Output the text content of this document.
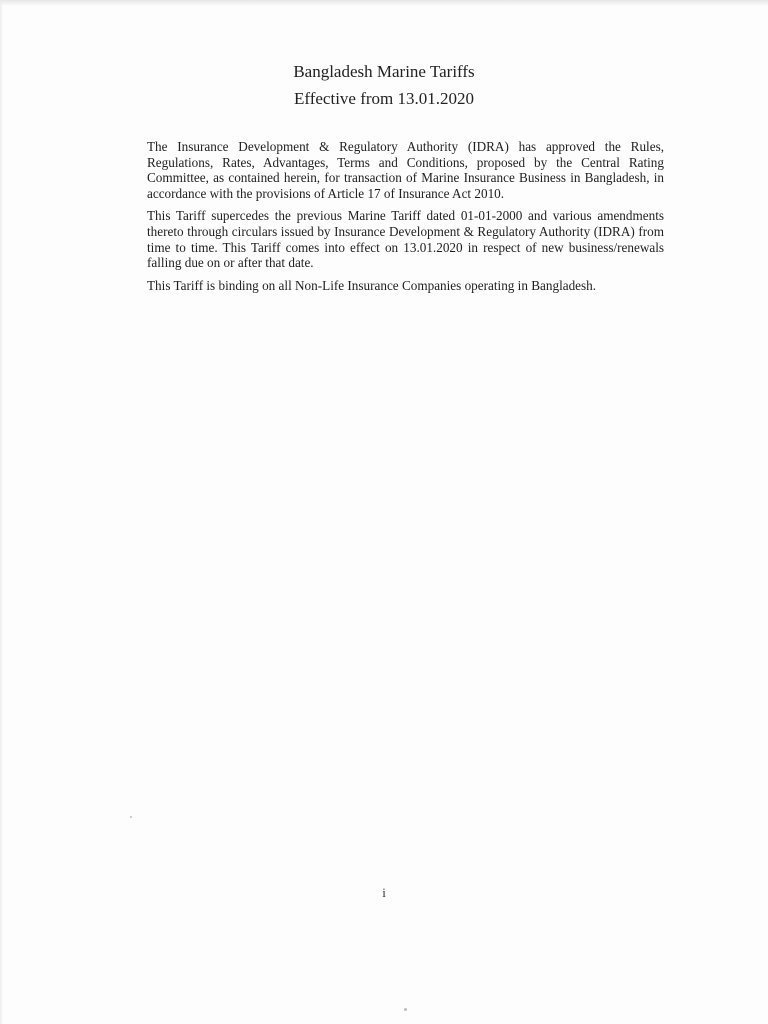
Bangladesh Marine Tariffs

Effective from 13.01.2020

The Insurance Development & Regulatory Authority (IDRA) has approved the Rules, Regulations, Rates, Advantages, Terms and Conditions, proposed by the Central Rating Committee, as contained herein, for transaction of Marine Insurance Business in Bangladesh, in accordance with the provisions of Article 17 of Insurance Act 2010.

This Tariff supercedes the previous Marine Tariff dated 01-01-2000 and various amendments thereto through circulars issued by Insurance Development & Regulatory Authority (IDRA) from time to time. This Tariff comes into effect on 13.01.2020 in respect of new business/renewals falling due on or after that date.

This Tariff is binding on all Non-Life Insurance Companies operating in Bangladesh.

i
